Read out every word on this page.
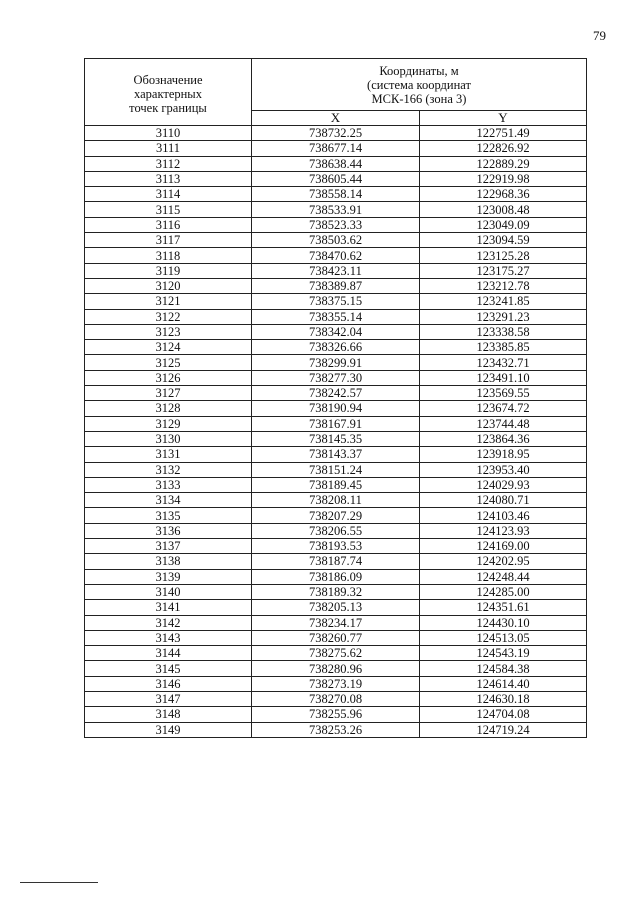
79
Обозначение
характерных
точек границы	Координаты, м
(система координат
МСК-166 (зона 3)	

	X	Y
3110	738732.25	122751.49
3111	738677.14	122826.92
3112	738638.44	122889.29
3113	738605.44	122919.98
3114	738558.14	122968.36
3115	738533.91	123008.48
3116	738523.33	123049.09
3117	738503.62	123094.59
3118	738470.62	123125.28
3119	738423.11	123175.27
3120	738389.87	123212.78
3121	738375.15	123241.85
3122	738355.14	123291.23
3123	738342.04	123338.58
3124	738326.66	123385.85
3125	738299.91	123432.71
3126	738277.30	123491.10
3127	738242.57	123569.55
3128	738190.94	123674.72
3129	738167.91	123744.48
3130	738145.35	123864.36
3131	738143.37	123918.95
3132	738151.24	123953.40
3133	738189.45	124029.93
3134	738208.11	124080.71
3135	738207.29	124103.46
3136	738206.55	124123.93
3137	738193.53	124169.00
3138	738187.74	124202.95
3139	738186.09	124248.44
3140	738189.32	124285.00
3141	738205.13	124351.61
3142	738234.17	124430.10
3143	738260.77	124513.05
3144	738275.62	124543.19
3145	738280.96	124584.38
3146	738273.19	124614.40
3147	738270.08	124630.18
3148	738255.96	124704.08
3149	738253.26	124719.24
